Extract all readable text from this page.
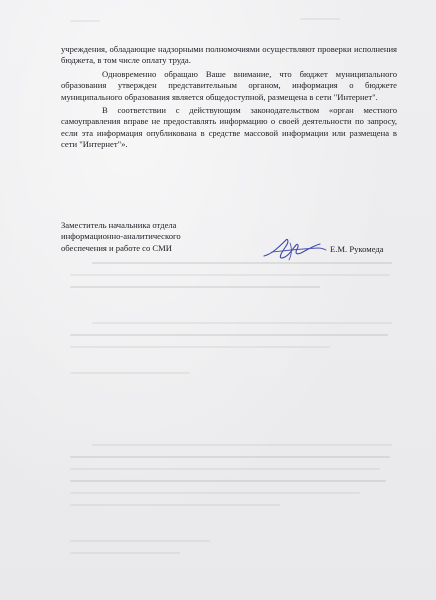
учреждения, обладающие надзорными полномочиями осуществляют проверки исполнения бюджета, в том числе оплату труда.

Одновременно обращаю Ваше внимание, что бюджет муниципального образования утвержден представительным органом, информация о бюджете муниципального образования является общедоступной, размещена в сети "Интернет".

В соответствии с действующим законодательством «орган местного самоуправления вправе не предоставлять информацию о своей деятельности по запросу, если эта информация опубликована в средстве массовой информации или размещена в сети "Интернет"».

Заместитель начальника отдела
информационно-аналитического
обеспечения и работе со СМИ	Е.М. Рукомеда
